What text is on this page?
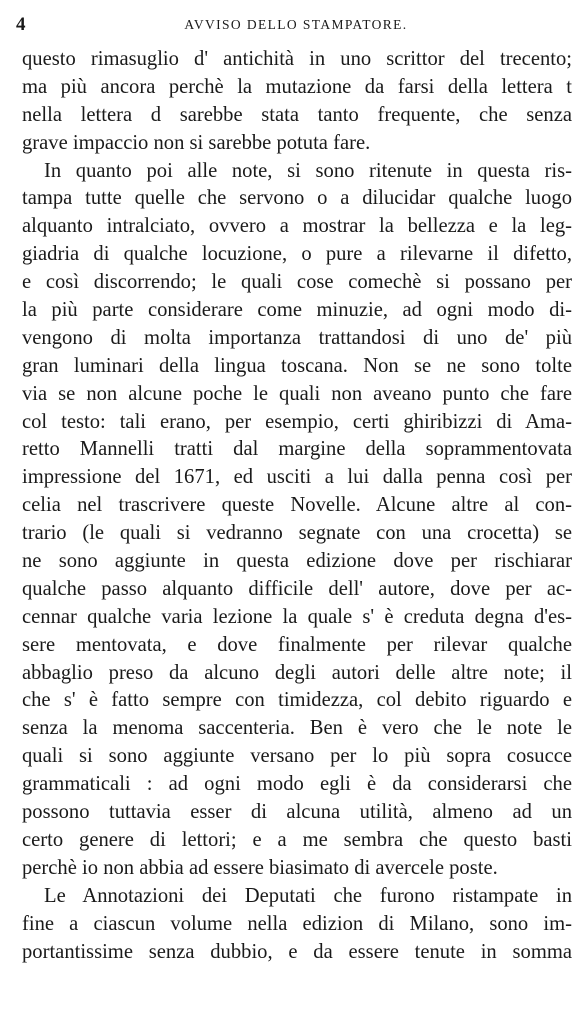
4	AVVISO DELLO STAMPATORE.
questo rimasuglio d' antichità in uno scrittor del trecento;
ma più ancora perchè la mutazione da farsi della lettera t
nella lettera d sarebbe stata tanto frequente, che senza
grave impaccio non si sarebbe potuta fare.
In quanto poi alle note, si sono ritenute in questa ris-
tampa tutte quelle che servono o a dilucidar qualche luogo
alquanto intralciato, ovvero a mostrar la bellezza e la leg-
giadria di qualche locuzione, o pure a rilevarne il difetto,
e così discorrendo; le quali cose comechè si possano per
la più parte considerare come minuzie, ad ogni modo di-
vengono di molta importanza trattandosi di uno de' più
gran luminari della lingua toscana. Non se ne sono tolte
via se non alcune poche le quali non aveano punto che fare
col testo: tali erano, per esempio, certi ghiribizzi di Ama-
retto Mannelli tratti dal margine della soprammentovata
impressione del 1671, ed usciti a lui dalla penna così per
celia nel trascrivere queste Novelle. Alcune altre al con-
trario (le quali si vedranno segnate con una crocetta) se
ne sono aggiunte in questa edizione dove per rischiarar
qualche passo alquanto difficile dell' autore, dove per ac-
cennar qualche varia lezione la quale s' è creduta degna d'es-
sere mentovata, e dove finalmente per rilevar qualche
abbaglio preso da alcuno degli autori delle altre note; il
che s' è fatto sempre con timidezza, col debito riguardo e
senza la menoma saccenteria. Ben è vero che le note le
quali si sono aggiunte versano per lo più sopra cosucce
grammaticali : ad ogni modo egli è da considerarsi che
possono tuttavia esser di alcuna utilità, almeno ad un
certo genere di lettori; e a me sembra che questo basti
perchè io non abbia ad essere biasimato di avercele poste.
Le Annotazioni dei Deputati che furono ristampate in
fine a ciascun volume nella edizion di Milano, sono im-
portantissime senza dubbio, e da essere tenute in somma
